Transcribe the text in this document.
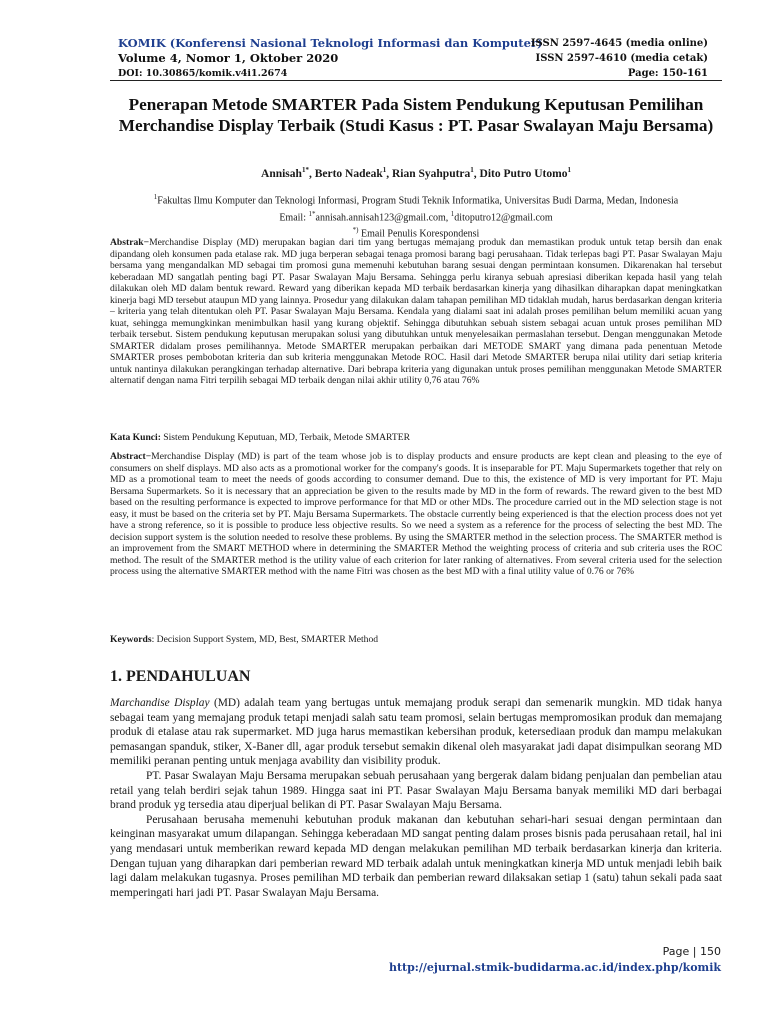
KOMIK (Konferensi Nasional Teknologi Informasi dan Komputer)
Volume 4, Nomor 1, Oktober 2020
DOI: 10.30865/komik.v4i1.2674
ISSN 2597-4645 (media online)
ISSN 2597-4610 (media cetak)
Page: 150-161
Penerapan Metode SMARTER Pada Sistem Pendukung Keputusan Pemilihan Merchandise Display Terbaik (Studi Kasus : PT. Pasar Swalayan Maju Bersama)
Annisah$^{1*}$, Berto Nadeak$^1$, Rian Syahputra$^1$, Dito Putro Utomo$^1$
$^1$Fakultas Ilmu Komputer dan Teknologi Informasi, Program Studi Teknik Informatika, Universitas Budi Darma, Medan, Indonesia
Email: $^{1*}$annisah.annisah123@gmail.com, $^1$ditoputro12@gmail.com
*) Email Penulis Korespondensi
Abstrak−Merchandise Display (MD) merupakan bagian dari tim yang bertugas memajang produk dan memastikan produk untuk tetap bersih dan enak dipandang oleh konsumen pada etalase rak. MD juga berperan sebagai tenaga promosi barang bagi perusahaan. Tidak terlepas bagi PT. Pasar Swalayan Maju bersama yang mengandalkan MD sebagai tim promosi guna memenuhi kebutuhan barang sesuai dengan permintaan konsumen. Dikarenakan hal tersebut keberadaan MD sangatlah penting bagi PT. Pasar Swalayan Maju Bersama. Sehingga perlu kiranya sebuah apresiasi diberikan kepada hasil yang telah dilakukan oleh MD dalam bentuk reward. Reward yang diberikan kepada MD terbaik berdasarkan kinerja yang dihasilkan diharapkan dapat meningkatkan kinerja bagi MD tersebut ataupun MD yang lainnya. Prosedur yang dilakukan dalam tahapan pemilihan MD tidaklah mudah, harus berdasarkan dengan kriteria – kriteria yang telah ditentukan oleh PT. Pasar Swalayan Maju Bersama. Kendala yang dialami saat ini adalah proses pemilihan belum memiliki acuan yang kuat, sehingga memungkinkan menimbulkan hasil yang kurang objektif. Sehingga dibutuhkan sebuah sistem sebagai acuan untuk proses pemilihan MD terbaik tersebut. Sistem pendukung keputusan merupakan solusi yang dibutuhkan untuk menyelesaikan permaslahan tersebut. Dengan menggunakan Metode SMARTER didalam proses pemilihannya. Metode SMARTER merupakan perbaikan dari METODE SMART yang dimana pada penentuan Metode SMARTER proses pembobotan kriteria dan sub kriteria menggunakan Metode ROC. Hasil dari Metode SMARTER berupa nilai utility dari setiap kriteria untuk nantinya dilakukan perangkingan terhadap alternative. Dari bebrapa kriteria yang digunakan untuk proses pemilihan menggunakan Metode SMARTER alternatif dengan nama Fitri terpilih sebagai MD terbaik dengan nilai akhir utility 0,76 atau 76%
Kata Kunci: Sistem Pendukung Keputuan, MD, Terbaik, Metode SMARTER
Abstract−Merchandise Display (MD) is part of the team whose job is to display products and ensure products are kept clean and pleasing to the eye of consumers on shelf displays. MD also acts as a promotional worker for the company's goods. It is inseparable for PT. Maju Supermarkets together that rely on MD as a promotional team to meet the needs of goods according to consumer demand. Due to this, the existence of MD is very important for PT. Maju Bersama Supermarkets. So it is necessary that an appreciation be given to the results made by MD in the form of rewards. The reward given to the best MD based on the resulting performance is expected to improve performance for that MD or other MDs. The procedure carried out in the MD selection stage is not easy, it must be based on the criteria set by PT. Maju Bersama Supermarkets. The obstacle currently being experienced is that the election process does not yet have a strong reference, so it is possible to produce less objective results. So we need a system as a reference for the process of selecting the best MD. The decision support system is the solution needed to resolve these problems. By using the SMARTER method in the selection process. The SMARTER method is an improvement from the SMART METHOD where in determining the SMARTER Method the weighting process of criteria and sub criteria uses the ROC method. The result of the SMARTER method is the utility value of each criterion for later ranking of alternatives. From several criteria used for the selection process using the alternative SMARTER method with the name Fitri was chosen as the best MD with a final utility value of 0.76 or 76%
Keywords: Decision Support System, MD, Best, SMARTER Method
1. PENDAHULUAN

Marchandise Display (MD) adalah team yang bertugas untuk memajang produk serapi dan semenarik mungkin. MD tidak hanya sebagai team yang memajang produk tetapi menjadi salah satu team promosi, selain bertugas mempromosikan produk dan memajang produk di etalase atau rak supermarket. MD juga harus memastikan kebersihan produk, ketersediaan produk dan mampu melakukan pemasangan spanduk, stiker, X-Baner dll, agar produk tersebut semakin dikenal oleh masyarakat jadi dapat disimpulkan seorang MD memiliki peranan penting untuk menjaga avability dan visibility produk.

PT. Pasar Swalayan Maju Bersama merupakan sebuah perusahaan yang bergerak dalam bidang penjualan dan pembelian atau retail yang telah berdiri sejak tahun 1989. Hingga saat ini PT. Pasar Swalayan Maju Bersama banyak memiliki MD dari berbagai brand produk yg tersedia atau diperjual belikan di PT. Pasar Swalayan Maju Bersama.

Perusahaan berusaha memenuhi kebutuhan produk makanan dan kebutuhan sehari-hari sesuai dengan permintaan dan keinginan masyarakat umum dilapangan. Sehingga keberadaan MD sangat penting dalam proses bisnis pada perusahaan retail, hal ini yang mendasari untuk memberikan reward kepada MD dengan melakukan pemilihan MD terbaik berdasarkan kinerja dan kriteria. Dengan tujuan yang diharapkan dari pemberian reward MD terbaik adalah untuk meningkatkan kinerja MD untuk menjadi lebih baik lagi dalam melakukan tugasnya. Proses pemilihan MD terbaik dan pemberian reward dilaksakan setiap 1 (satu) tahun sekali pada saat memperingati hari jadi PT. Pasar Swalayan Maju Bersama.

Page | 150
http://ejurnal.stmik-budidarma.ac.id/index.php/komik
